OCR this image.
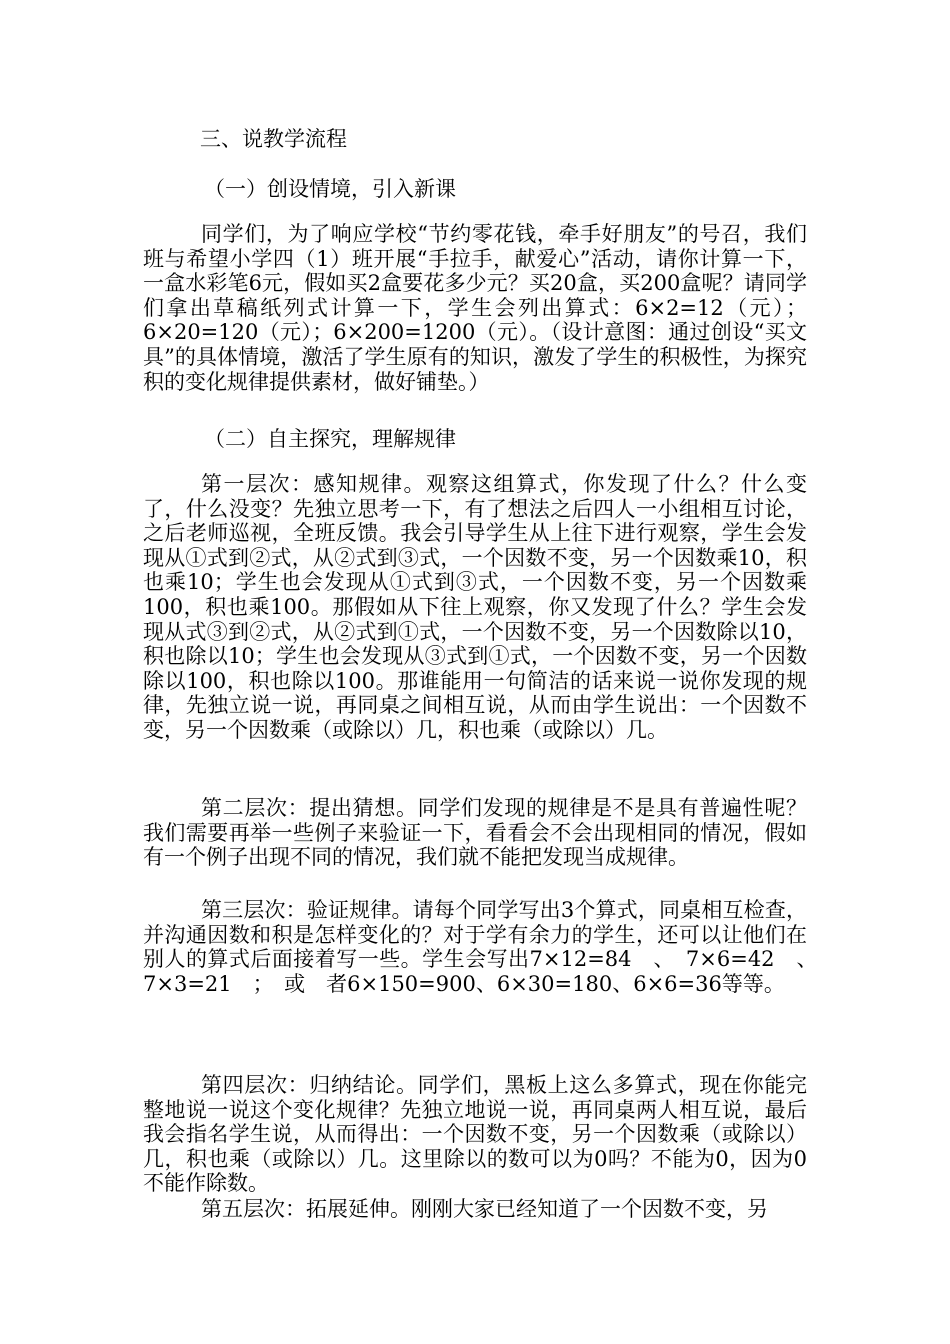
三、说教学流程
（一）创设情境，引入新课

同学们，为了响应学校“节约零花钱，牵手好朋友”的号召，我们班与希望小学四（1）班开展“手拉手，献爱心”活动，请你计算一下，一盒水彩笔6元，假如买2盒要花多少元？买20盒，买200盒呢？请同学们拿出草稿纸列式计算一下，学生会列出算式：6×2=12（元）；6×20=120（元）；6×200=1200（元）。（设计意图：通过创设“买文具”的具体情境，激活了学生原有的知识，激发了学生的积极性，为探究积的变化规律提供素材，做好铺垫。）

（二）自主探究，理解规律

第一层次：感知规律。观察这组算式，你发现了什么？什么变了，什么没变？先独立思考一下，有了想法之后四人一小组相互讨论，之后老师巡视，全班反馈。我会引导学生从上往下进行观察，学生会发现从①式到②式，从②式到③式，一个因数不变，另一个因数乘10，积也乘10；学生也会发现从①式到③式，一个因数不变，另一个因数乘100，积也乘100。那假如从下往上观察，你又发现了什么？学生会发现从式③到②式，从②式到①式，一个因数不变，另一个因数除以10，积也除以10；学生也会发现从③式到①式，一个因数不变，另一个因数除以100，积也除以100。那谁能用一句简洁的话来说一说你发现的规律，先独立说一说，再同桌之间相互说，从而由学生说出：一个因数不变，另一个因数乘（或除以）几，积也乘（或除以）几。

第二层次：提出猜想。同学们发现的规律是不是具有普遍性呢？我们需要再举一些例子来验证一下，看看会不会出现相同的情况，假如有一个例子出现不同的情况，我们就不能把发现当成规律。

第三层次：验证规律。请每个同学写出3个算式，同桌相互检查，并沟通因数和积是怎样变化的？对于学有余力的学生，还可以让他们在别人的算式后面接着写一些。学生会写出7×12=84　、　7×6=42　、　7×3=21　；　或　者6×150=900、6×30=180、6×6=36等等。

第四层次：归纳结论。同学们，黑板上这么多算式，现在你能完整地说一说这个变化规律？先独立地说一说，再同桌两人相互说，最后我会指名学生说，从而得出：一个因数不变，另一个因数乘（或除以）几，积也乘（或除以）几。这里除以的数可以为0吗？不能为0，因为0不能作除数。

第五层次：拓展延伸。刚刚大家已经知道了一个因数不变，另
